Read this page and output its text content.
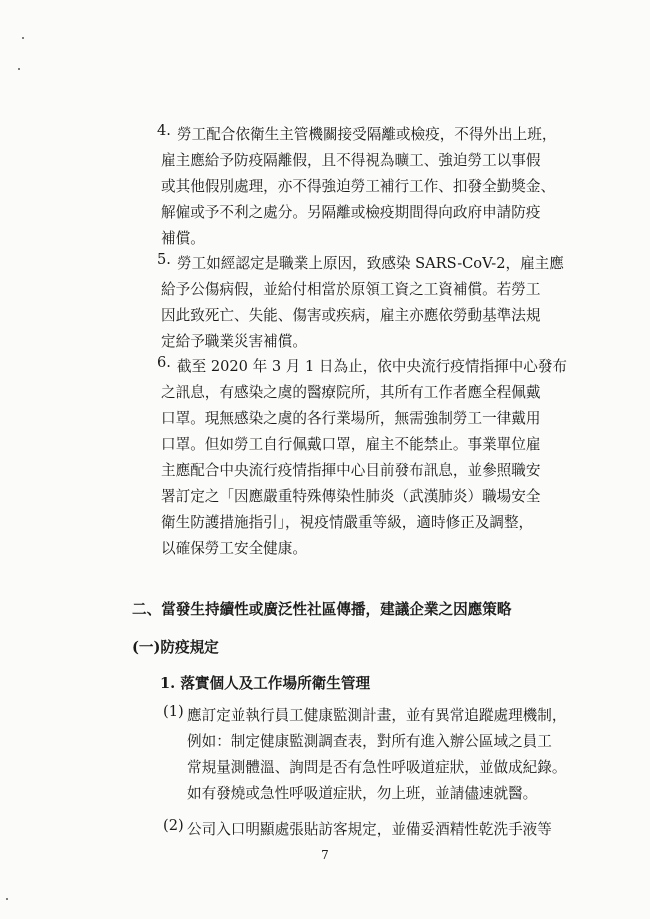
4. 勞工配合依衛生主管機關接受隔離或檢疫，不得外出上班，
雇主應給予防疫隔離假，且不得視為曠工、強迫勞工以事假
或其他假別處理，亦不得強迫勞工補行工作、扣發全勤獎金、
解僱或予不利之處分。另隔離或檢疫期間得向政府申請防疫
補償。
5. 勞工如經認定是職業上原因，致感染 SARS-CoV-2，雇主應
給予公傷病假，並給付相當於原領工資之工資補償。若勞工
因此致死亡、失能、傷害或疾病，雇主亦應依勞動基準法規
定給予職業災害補償。
6. 截至 2020 年 3 月 1 日為止，依中央流行疫情指揮中心發布
之訊息，有感染之虞的醫療院所，其所有工作者應全程佩戴
口罩。現無感染之虞的各行業場所，無需強制勞工一律戴用
口罩。但如勞工自行佩戴口罩，雇主不能禁止。事業單位雇
主應配合中央流行疫情指揮中心目前發布訊息，並參照職安
署訂定之「因應嚴重特殊傳染性肺炎（武漢肺炎）職場安全
衛生防護措施指引」，視疫情嚴重等級，適時修正及調整，
以確保勞工安全健康。
二、當發生持續性或廣泛性社區傳播，建議企業之因應策略
(一)防疫規定
1. 落實個人及工作場所衛生管理
(1) 應訂定並執行員工健康監測計畫，並有異常追蹤處理機制，
例如：制定健康監測調查表，對所有進入辦公區域之員工
常規量測體溫、詢問是否有急性呼吸道症狀，並做成紀錄。
如有發燒或急性呼吸道症狀，勿上班，並請儘速就醫。
(2) 公司入口明顯處張貼訪客規定，並備妥酒精性乾洗手液等
7
